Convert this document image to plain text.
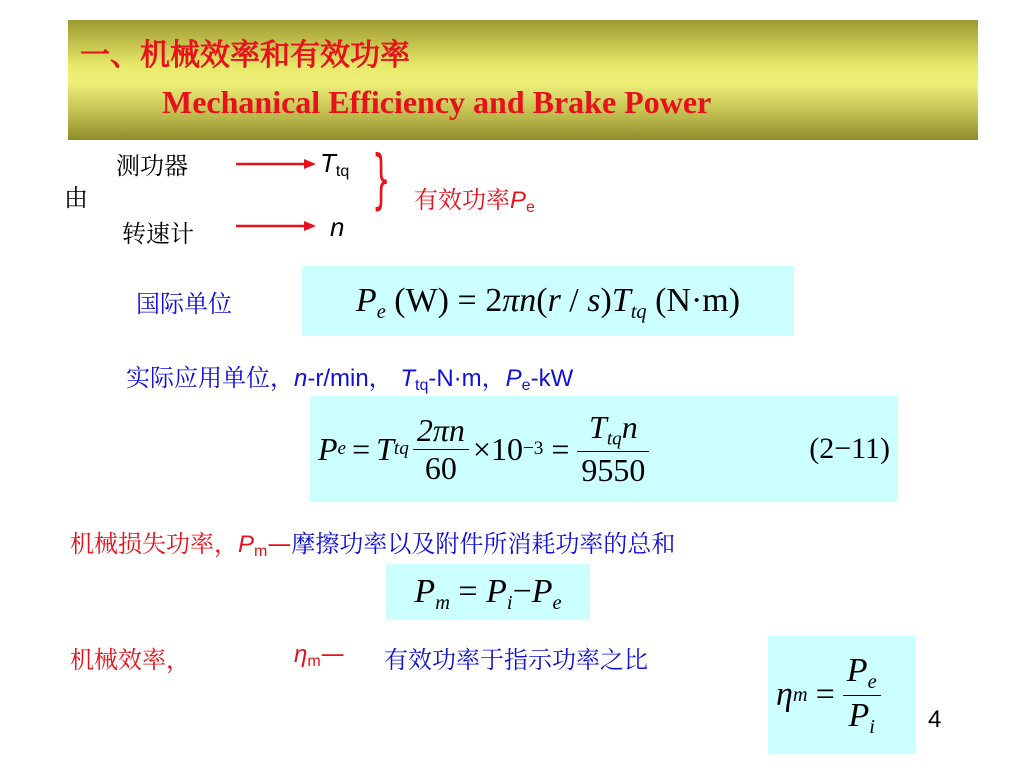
一、机械效率和有效功率
Mechanical Efficiency and Brake Power
由
测功器
转速计
Ttq
n
} 有效功率Pe
国际单位	$P_e$ $(W) = 2\pi n(r / s)T_{tq}$ (N·m)
实际应用单位，n-r/min， Ttq-N·m，Pe-kW
P e = T tq $\frac{2\pi n}{60} \times 10 -3 = \frac{T_{tq}n}{9550}$	(2−11)
机械损失功率，Pm—摩擦功率以及附件所消耗功率的总和
$P_m = P_i-P_e$
机械效率，	ηm— 有效功率于指示功率之比
η $m = \frac{P_e}{P_i} 4$
